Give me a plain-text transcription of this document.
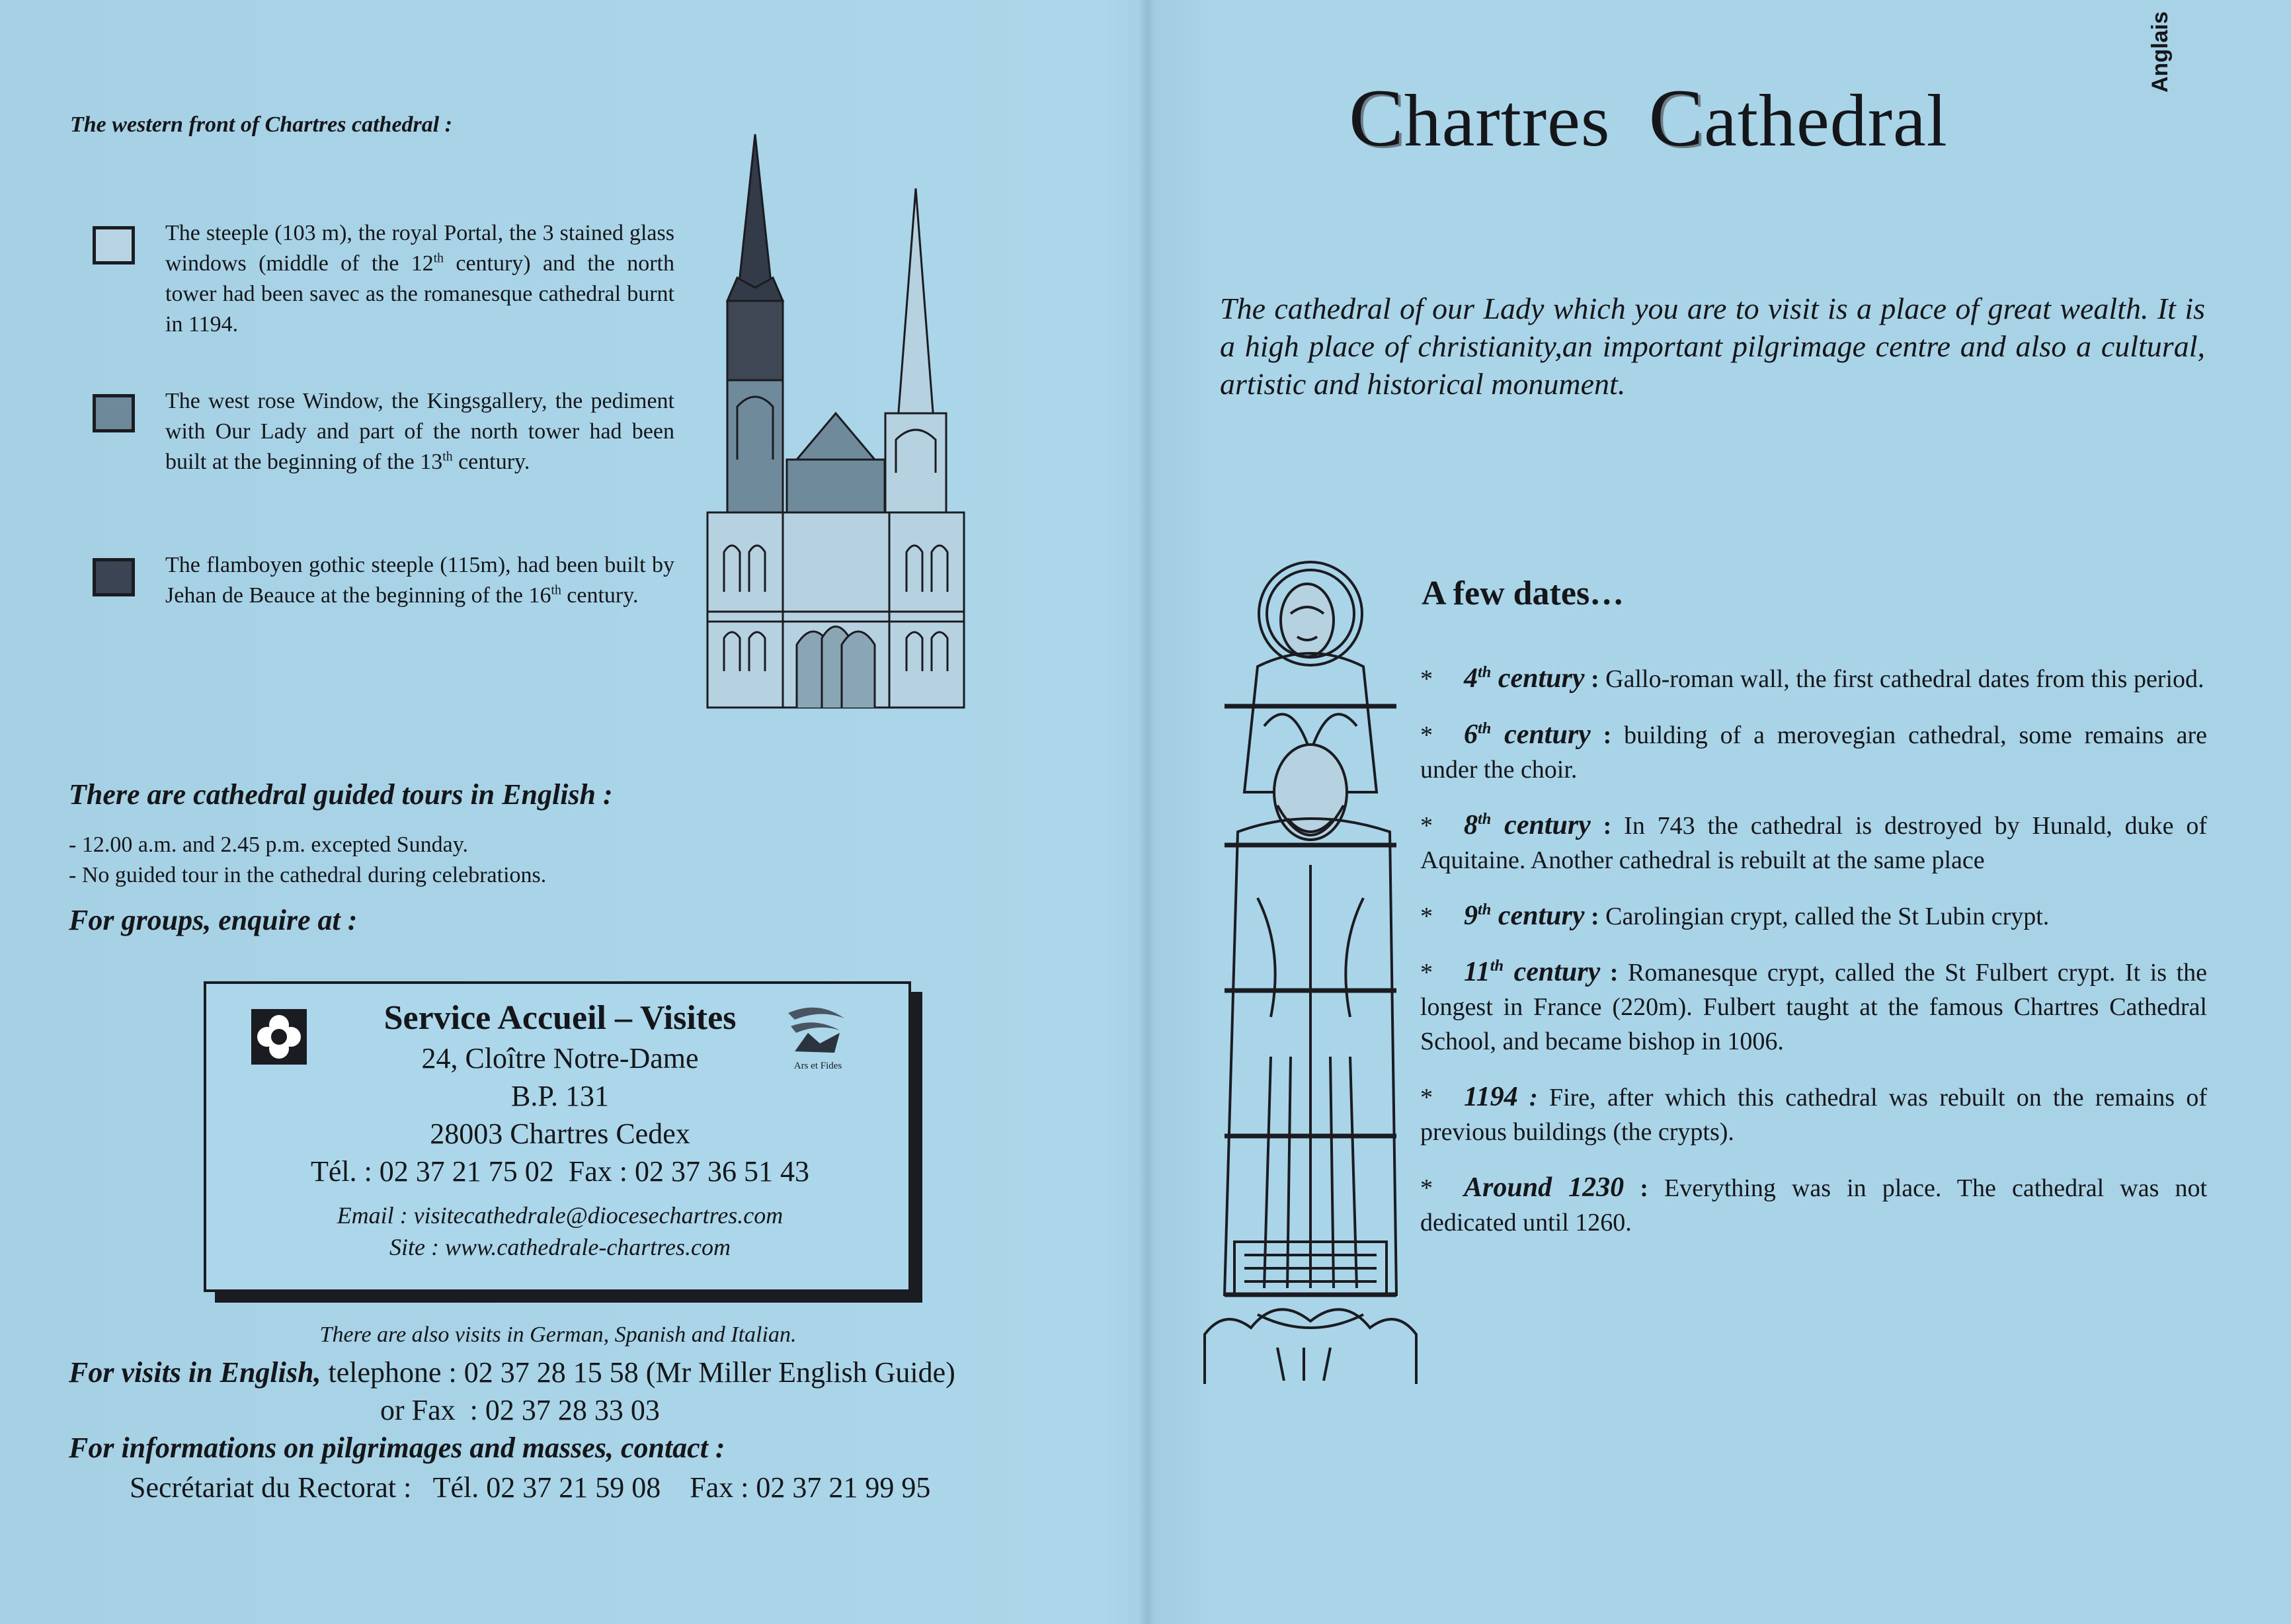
The western front of Chartres cathedral :
The steeple (103 m), the royal Portal, the 3 stained glass windows (middle of the 12th century) and the north tower had been savec as the romanesque cathedral burnt in 1194.
The west rose Window, the Kingsgallery, the pediment with Our Lady and part of the north tower had been built at the beginning of the 13th century.
The flamboyen gothic steeple (115m), had been built by Jehan de Beauce at the beginning of the 16th century.
There are cathedral guided tours in English :
- 12.00 a.m. and 2.45 p.m. excepted Sunday.
- No guided tour in the cathedral during celebrations.
For groups, enquire at :
Ars et Fides
Service Accueil – Visites
24, Cloître Notre-Dame
B.P. 131
28003 Chartres Cedex
Tél. : 02 37 21 75 02  Fax : 02 37 36 51 43
Email : visitecathedrale@diocesechartres.com
Site : www.cathedrale-chartres.com
There are also visits in German, Spanish and Italian.
For visits in English, telephone : 02 37 28 15 58 (Mr Miller English Guide)
or Fax  : 02 37 28 33 03
For informations on pilgrimages and masses, contact :
Secrétariat du Rectorat :   Tél. 02 37 21 59 08    Fax : 02 37 21 99 95
Chartres Cathedral
Anglais
The cathedral of our Lady which you are to visit is a place of great wealth. It is a high place of christianity,an important pilgrimage centre and also a cultural, artistic and historical monument.
A few dates…
* 4th century : Gallo-roman wall, the first cathedral dates from this period.
* 6th century : building of a merovegian cathedral, some remains are under the choir.
* 8th century : In 743 the cathedral is destroyed by Hunald, duke of Aquitaine. Another cathedral is rebuilt at the same place
* 9th century : Carolingian crypt, called the St Lubin crypt.
* 11th century : Romanesque crypt, called the St Fulbert crypt. It is the longest in France (220m). Fulbert taught at the famous Chartres Cathedral School, and became bishop in 1006.
* 1194 : Fire, after which this cathedral was rebuilt on the remains of previous buildings (the crypts).
* Around 1230 : Everything was in place. The cathedral was not dedicated until 1260.
